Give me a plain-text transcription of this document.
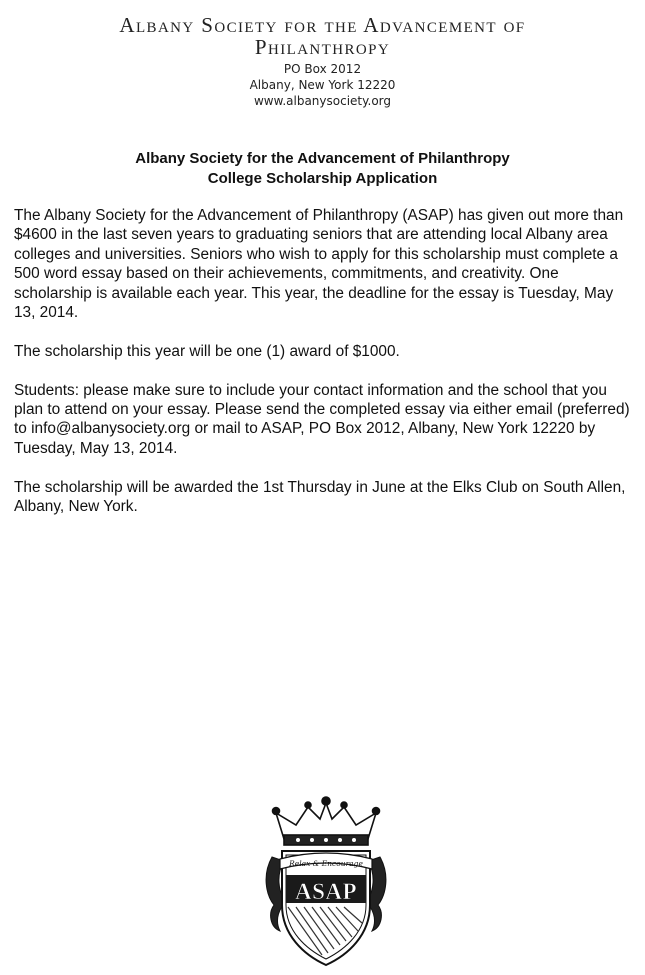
Albany Society for the Advancement of Philanthropy
PO Box 2012
Albany, New York 12220
www.albanysociety.org
Albany Society for the Advancement of Philanthropy
College Scholarship Application

The Albany Society for the Advancement of Philanthropy (ASAP) has given out more than $4600 in the last seven years to graduating seniors that are attending local Albany area colleges and universities. Seniors who wish to apply for this scholarship must complete a 500 word essay based on their achievements, commitments, and creativity. One scholarship is available each year. This year, the deadline for the essay is Tuesday, May 13, 2014.

The scholarship this year will be one (1) award of $1000.

Students: please make sure to include your contact information and the school that you plan to attend on your essay. Please send the completed essay via either email (preferred) to info@albanysociety.org or mail to ASAP, PO Box 2012, Albany, New York 12220 by Tuesday, May 13, 2014.

The scholarship will be awarded the 1st Thursday in June at the Elks Club on South Allen, Albany, New York.

Relax & Encourage
ASAP
